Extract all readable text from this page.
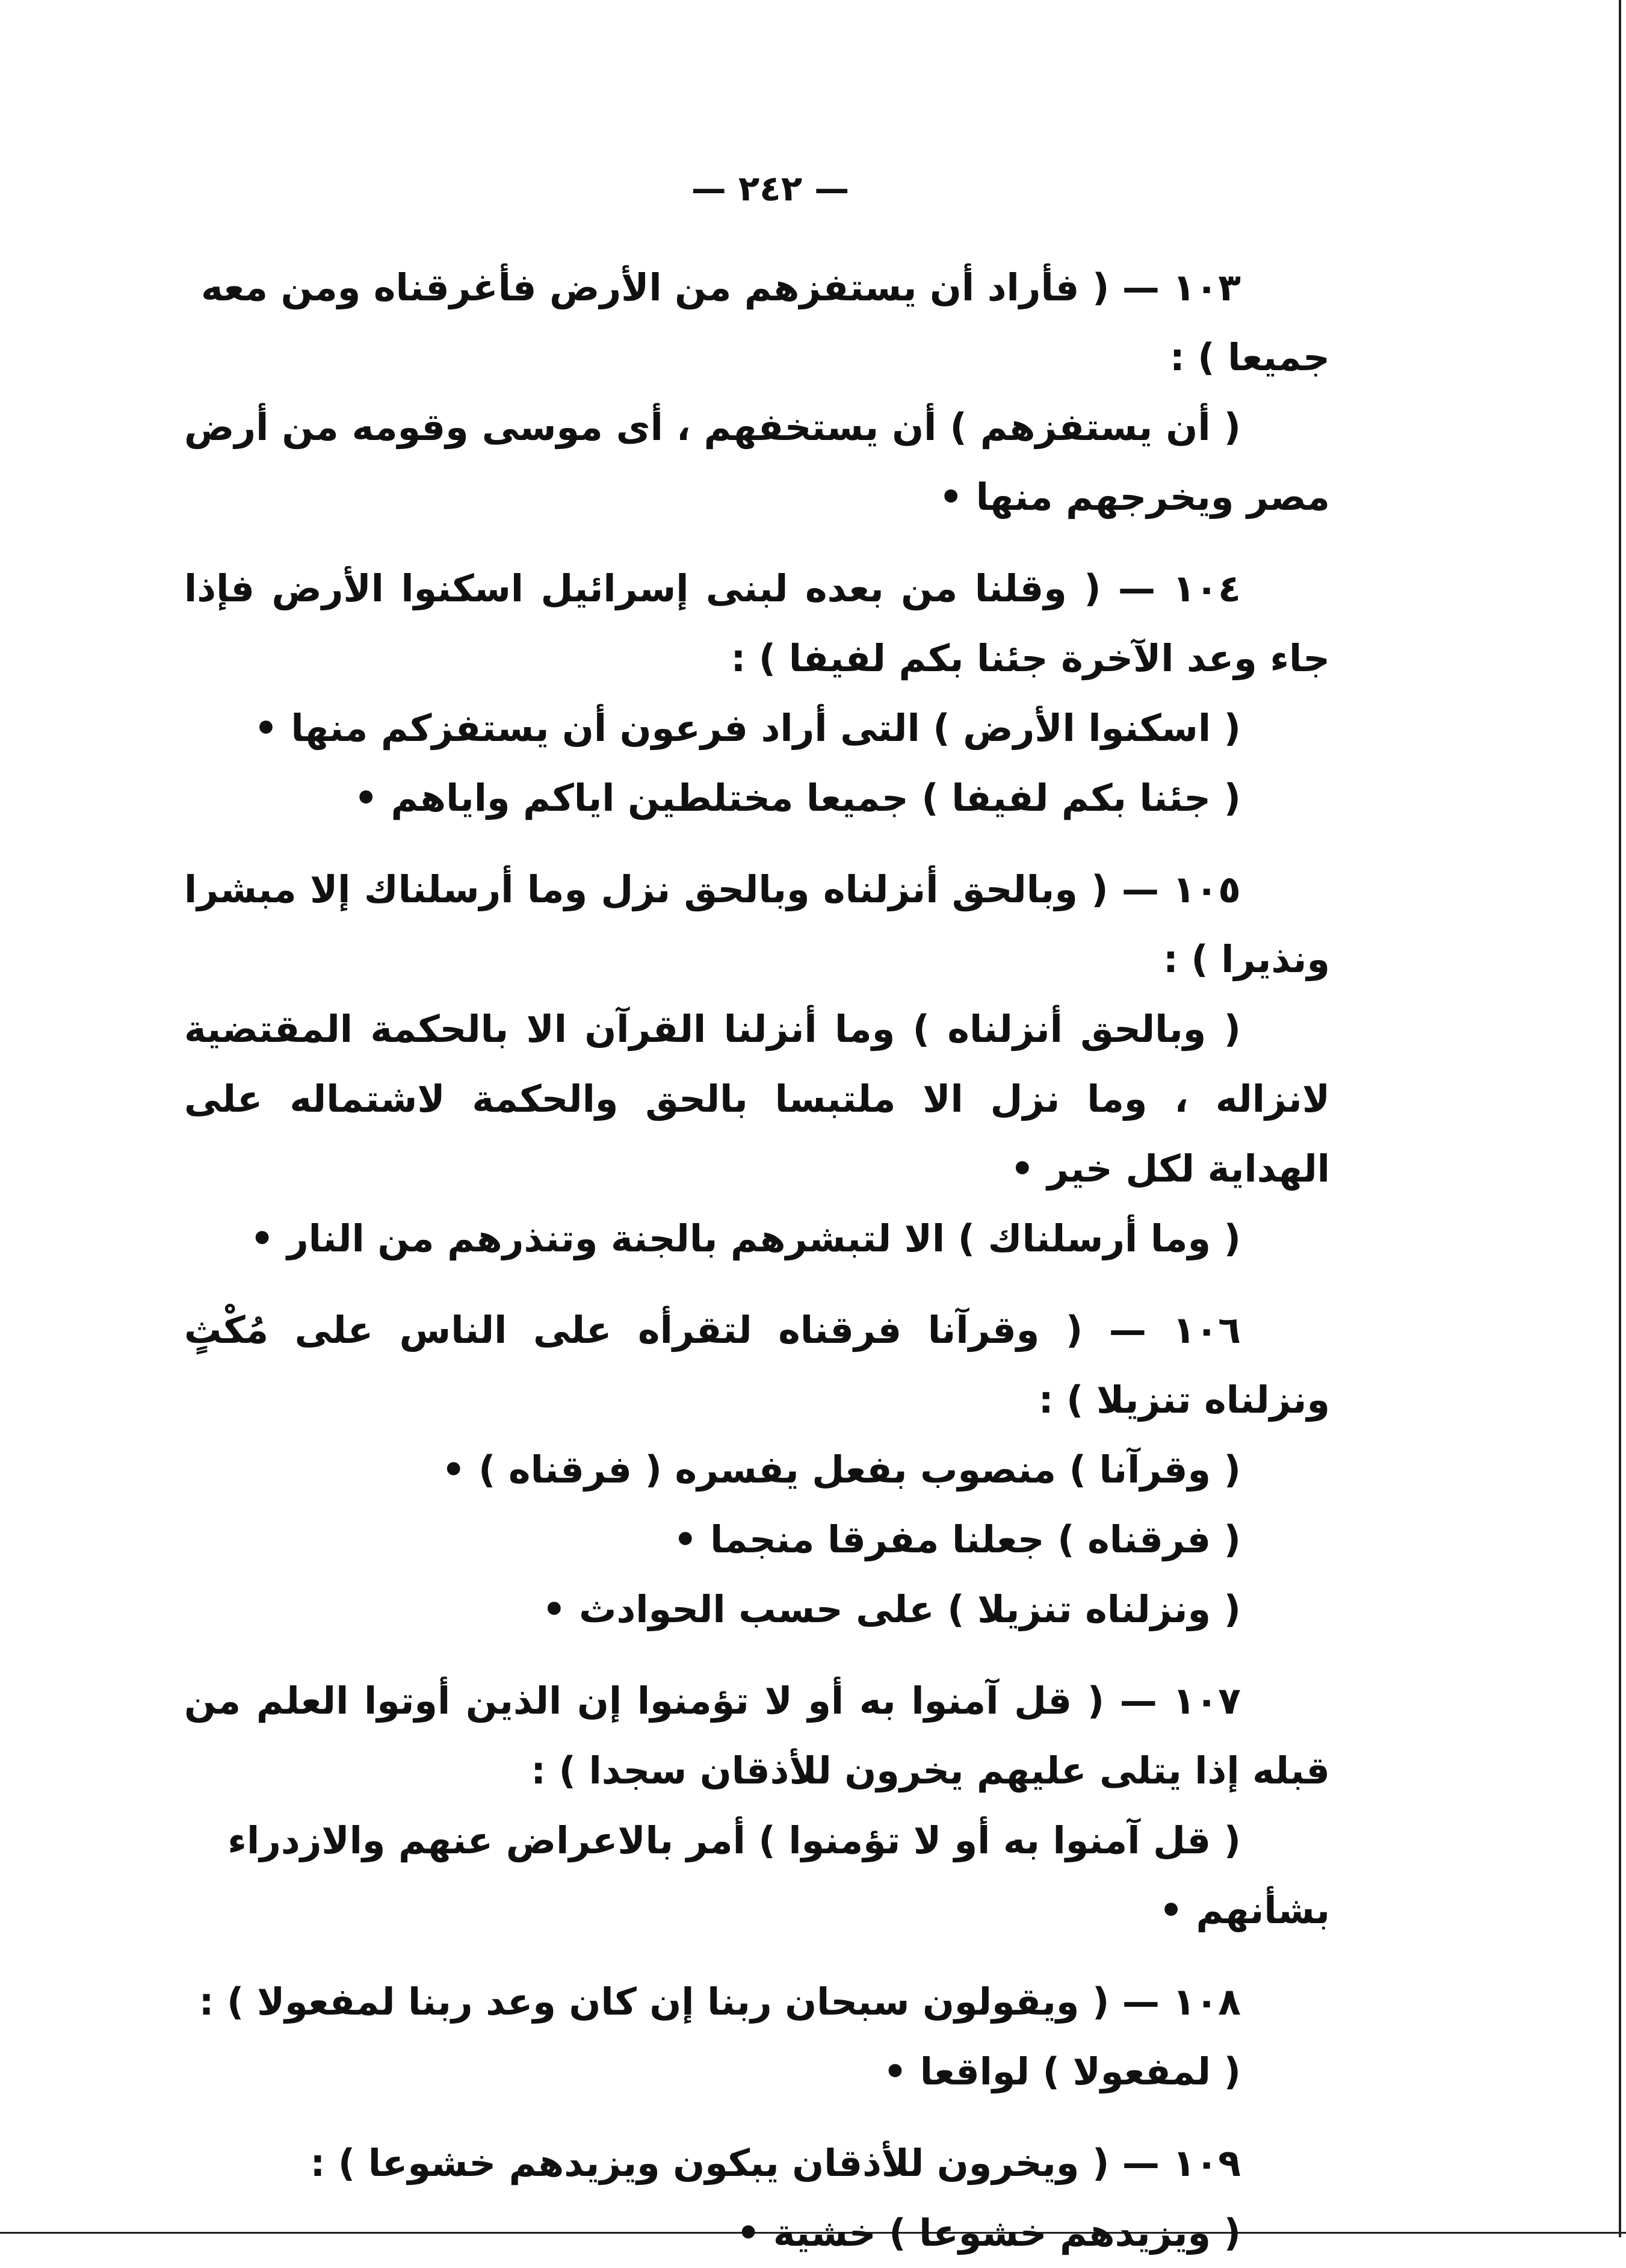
— ٢٤٢ —

١٠٣ — ( فأراد أن يستفزهم من الأرض فأغرقناه ومن معه جميعا ) :

( أن يستفزهم ) أن يستخفهم ، أى موسى وقومه من أرض مصر ويخرجهم منها •

١٠٤ — ( وقلنا من بعده لبنى إسرائيل اسكنوا الأرض فإذا جاء وعد الآخرة جئنا بكم لفيفا ) :

( اسكنوا الأرض ) التى أراد فرعون أن يستفزكم منها •

( جئنا بكم لفيفا ) جميعا مختلطين اياكم واياهم •

١٠٥ — ( وبالحق أنزلناه وبالحق نزل وما أرسلناك إلا مبشرا ونذيرا ) :

( وبالحق أنزلناه ) وما أنزلنا القرآن الا بالحكمة المقتضية لانزاله ، وما نزل الا ملتبسا بالحق والحكمة لاشتماله على الهداية لكل خير •

( وما أرسلناك ) الا لتبشرهم بالجنة وتنذرهم من النار •

١٠٦ — ( وقرآنا فرقناه لتقرأه على الناس على مُكْثٍ ونزلناه تنزيلا ) :

( وقرآنا ) منصوب بفعل يفسره ( فرقناه ) •

( فرقناه ) جعلنا مفرقا منجما •

( ونزلناه تنزيلا ) على حسب الحوادث •

١٠٧ — ( قل آمنوا به أو لا تؤمنوا إن الذين أوتوا العلم من قبله إذا يتلى عليهم يخرون للأذقان سجدا ) :

( قل آمنوا به أو لا تؤمنوا ) أمر بالاعراض عنهم والازدراء بشأنهم •

١٠٨ — ( ويقولون سبحان ربنا إن كان وعد ربنا لمفعولا ) :

( لمفعولا ) لواقعا •

١٠٩ — ( ويخرون للأذقان يبكون ويزيدهم خشوعا ) :

( ويزيدهم خشوعا ) خشية •
